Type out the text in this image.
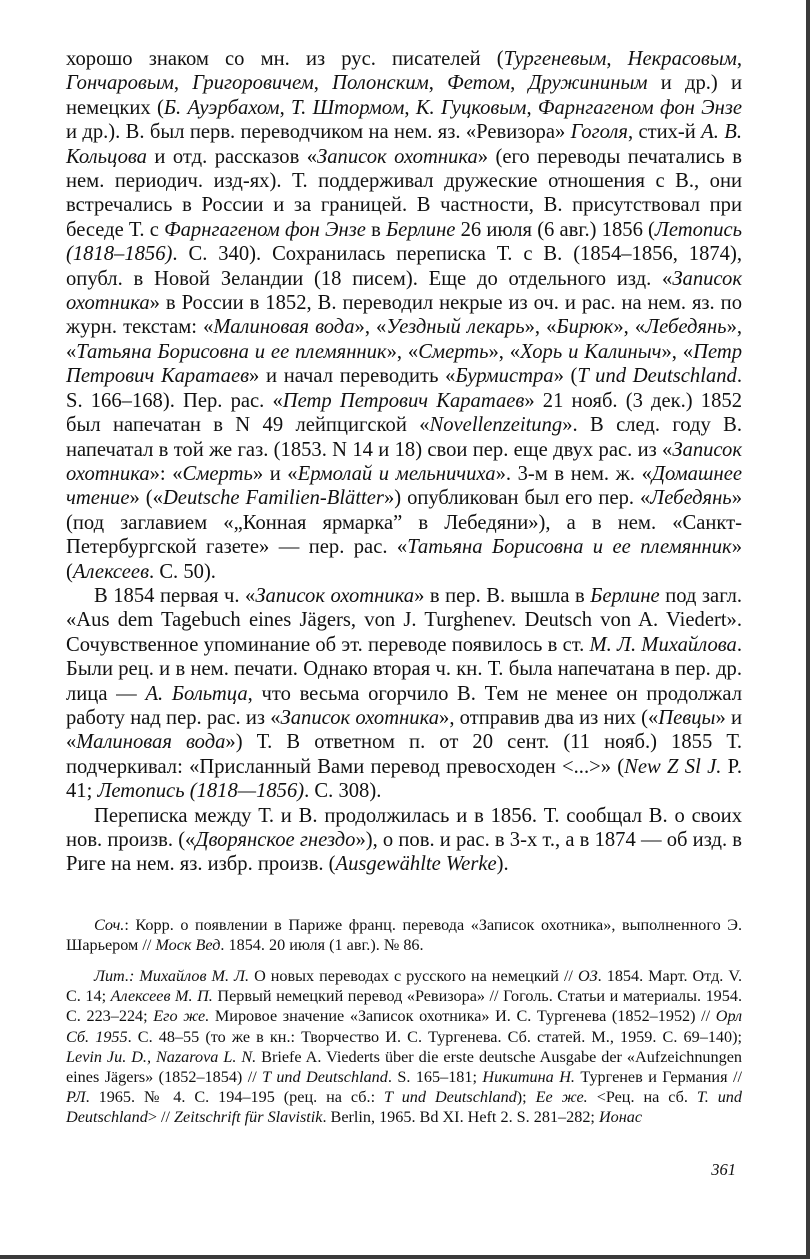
хорошо знаком со мн. из рус. писателей (Тургеневым, Некрасовым, Гончаровым, Григоровичем, Полонским, Фетом, Дружининым и др.) и немецких (Б. Ауэрбахом, Т. Штормом, К. Гуцковым, Фарнгагеном фон Энзе и др.). В. был перв. переводчиком на нем. яз. «Ревизора» Гоголя, стих-й А. В. Кольцова и отд. рассказов «Записок охотника» (его переводы печатались в нем. периодич. изд-ях). Т. поддерживал дружеские отношения с В., они встречались в России и за границей. В частности, В. присутствовал при беседе Т. с Фарнгагеном фон Энзе в Берлине 26 июля (6 авг.) 1856 (Летопись (1818–1856). С. 340). Сохранилась переписка Т. с В. (1854–1856, 1874), опубл. в Новой Зеландии (18 писем). Еще до отдельного изд. «Записок охотника» в России в 1852, В. переводил некрые из оч. и рас. на нем. яз. по журн. текстам: «Малиновая вода», «Уездный лекарь», «Бирюк», «Лебедянь», «Татьяна Борисовна и ее племянник», «Смерть», «Хорь и Калиныч», «Петр Петрович Каратаев» и начал переводить «Бурмистра» (T und Deutschland. S. 166–168). Пер. рас. «Петр Петрович Каратаев» 21 нояб. (3 дек.) 1852 был напечатан в N 49 лейпцигской «Novellenzeitung». В след. году В. напечатал в той же газ. (1853. N 14 и 18) свои пер. еще двух рас. из «Записок охотника»: «Смерть» и «Ермолай и мельничиха». 3-м в нем. ж. «Домашнее чтение» («Deutsche Familien-Blätter») опубликован был его пер. «Лебедянь» (под заглавием «„Конная ярмарка” в Лебедяни»), а в нем. «Санкт-Петербургской газете» — пер. рас. «Татьяна Борисовна и ее племянник» (Алексеев. С. 50).

В 1854 первая ч. «Записок охотника» в пер. В. вышла в Берлине под загл. «Aus dem Tagebuch eines Jägers, von J. Turghenev. Deutsch von A. Viedert». Сочувственное упоминание об эт. переводе появилось в ст. М. Л. Михайлова. Были рец. и в нем. печати. Однако вторая ч. кн. Т. была напечатана в пер. др. лица — А. Больтца, что весьма огорчило В. Тем не менее он продолжал работу над пер. рас. из «Записок охотника», отправив два из них («Певцы» и «Малиновая вода») Т. В ответном п. от 20 сент. (11 нояб.) 1855 Т. подчеркивал: «Присланный Вами перевод превосходен <...>» (New Z Sl J. P. 41; Летопись (1818—1856). С. 308).

Переписка между Т. и В. продолжилась и в 1856. Т. сообщал В. о своих нов. произв. («Дворянское гнездо»), о пов. и рас. в 3-х т., а в 1874 — об изд. в Риге на нем. яз. избр. произв. (Ausgewählte Werke).

Соч.: Корр. о появлении в Париже франц. перевода «Записок охотника», выполненного Э. Шарьером // Моск Вед. 1854. 20 июля (1 авг.). № 86.

Лит.: Михайлов М. Л. О новых переводах с русского на немецкий // ОЗ. 1854. Март. Отд. V. С. 14; Алексеев М. П. Первый немецкий перевод «Ревизора» // Гоголь. Статьи и материалы. 1954. С. 223–224; Его же. Мировое значение «Записок охотника» И. С. Тургенева (1852–1952) // Орл Сб. 1955. С. 48–55 (то же в кн.: Творчество И. С. Тургенева. Сб. статей. М., 1959. С. 69–140); Levin Ju. D., Nazarova L. N. Briefe A. Viederts über die erste deutsche Ausgabe der «Aufzeichnungen eines Jägers» (1852–1854) // T und Deutschland. S. 165–181; Никитина Н. Тургенев и Германия // РЛ. 1965. № 4. С. 194–195 (рец. на сб.: T und Deutschland); Ее же. <Рец. на сб. T. und Deutschland> // Zeitschrift für Slavistik. Berlin, 1965. Bd XI. Heft 2. S. 281–282; Ионас

361
